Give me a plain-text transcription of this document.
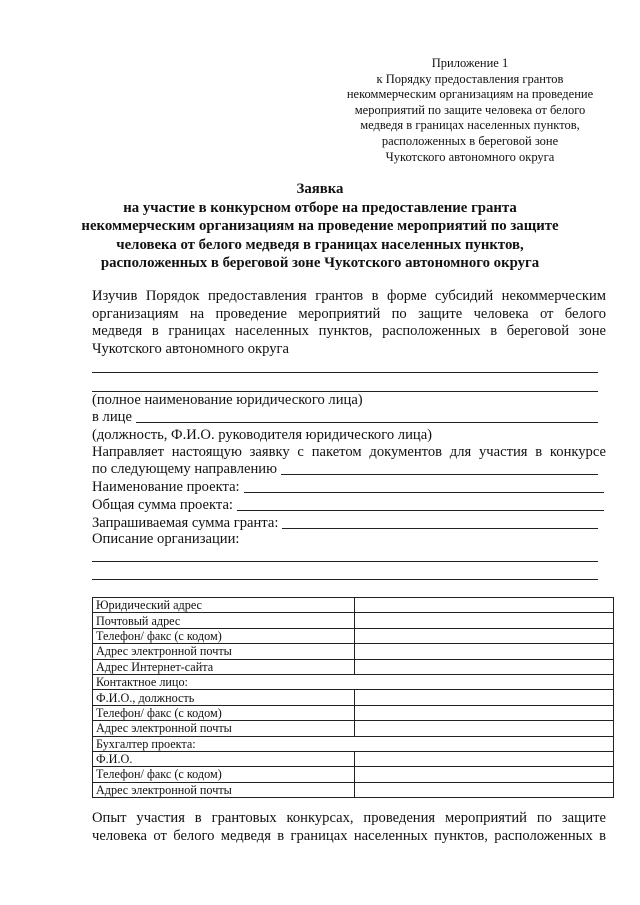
Приложение 1
к Порядку предоставления грантов
некоммерческим организациям на проведение
мероприятий по защите человека от белого
медведя в границах населенных пунктов,
расположенных в береговой зоне
Чукотского автономного округа
Заявка
на участие в конкурсном отборе на предоставление гранта
некоммерческим организациям на проведение мероприятий по защите
человека от белого медведя в границах населенных пунктов,
расположенных в береговой зоне Чукотского автономного округа
Изучив Порядок предоставления грантов в форме субсидий некоммерческим
организациям на проведение мероприятий по защите человека от белого
медведя в границах населенных пунктов, расположенных в береговой зоне
Чукотского автономного округа
(полное наименование юридического лица)
в лице
(должность, Ф.И.О. руководителя юридического лица)
Направляет настоящую заявку с пакетом документов для участия в конкурсе
по следующему направлению
Наименование проекта:
Общая сумма проекта:
Запрашиваемая сумма гранта:
Описание организации:
Юридический адрес	
Почтовый адрес	
Телефон/ факс (с кодом)	
Адрес электронной почты	
Адрес Интернет-сайта	
Контактное лицо:	
Ф.И.О., должность	
Телефон/ факс (с кодом)	
Адрес электронной почты	
Бухгалтер проекта:	
Ф.И.О.	
Телефон/ факс (с кодом)	
Адрес электронной почты	
Опыт участия в грантовых конкурсах, проведения мероприятий по защите
человека от белого медведя в границах населенных пунктов, расположенных в
